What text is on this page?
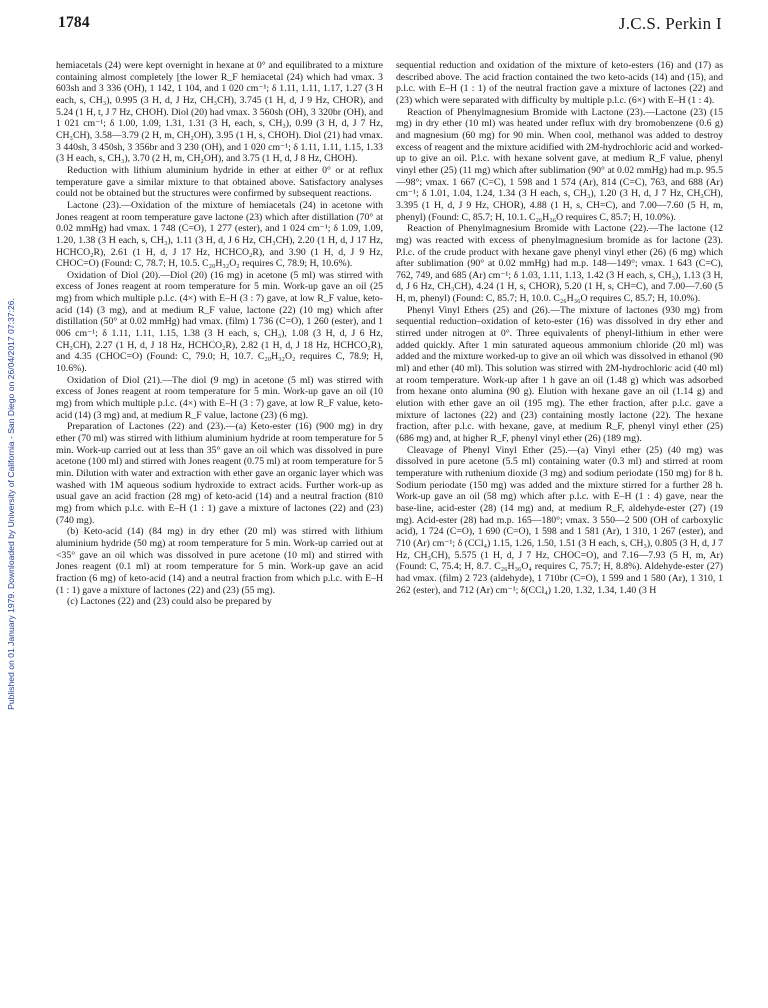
Published on 01 January 1979. Downloaded by University of California - San Diego on 26/04/2017 07:37:26.
1784	J.C.S. Perkin I

hemiacetals (24) were kept overnight in hexane at 0° and equilibrated to a mixture containing almost completely [the lower R_F hemiacetal (24) which had νmax. 3 603sh and 3 336 (OH), 1 142, 1 104, and 1 020 cm⁻¹; δ 1.11, 1.11, 1.17, 1.27 (3 H each, s, CH₃), 0.995 (3 H, d, J Hz, CH₃CH), 3.745 (1 H, d, J 9 Hz, CHOR), and 5.24 (1 H, t, J 7 Hz, CHOH). Diol (20) had νmax. 3 560sh (OH), 3 320br (OH), and 1 021 cm⁻¹; δ 1.00, 1.09, 1.31, 1.31 (3 H, each, s, CH₃), 0.99 (3 H, d, J 7 Hz, CH₃CH), 3.58—3.79 (2 H, m, CH₂OH), 3.95 (1 H, s, CHOH). Diol (21) had νmax. 3 440sh, 3 450sh, 3 356br and 3 230 (OH), and 1 020 cm⁻¹; δ 1.11, 1.11, 1.15, 1.33 (3 H each, s, CH₃), 3.70 (2 H, m, CH₂OH), and 3.75 (1 H, d, J 8 Hz, CHOH).

Reduction with lithium aluminium hydride in ether at either 0° or at reflux temperature gave a similar mixture to that obtained above. Satisfactory analyses could not be obtained but the structures were confirmed by subsequent reactions.

Lactone (23).—Oxidation of the mixture of hemiacetals (24) in acetone with Jones reagent at room temperature gave lactone (23) which after distillation (70° at 0.02 mmHg) had νmax. 1 748 (C=O), 1 277 (ester), and 1 024 cm⁻¹; δ 1.09, 1.09, 1.20, 1.38 (3 H each, s, CH₃), 1.11 (3 H, d, J 6 Hz, CH₃CH), 2.20 (1 H, d, J 17 Hz, HCHCO₂R), 2.61 (1 H, d, J 17 Hz, HCHCO₂R), and 3.90 (1 H, d, J 9 Hz, CHOC=O) (Found: C, 78.7; H, 10.5. C₂₀H₃₂O₂ requires C, 78.9; H, 10.6%).

Oxidation of Diol (20).—Diol (20) (16 mg) in acetone (5 ml) was stirred with excess of Jones reagent at room temperature for 5 min. Work-up gave an oil (25 mg) from which multiple p.l.c. (4×) with E–H (3 : 7) gave, at low R_F value, keto-acid (14) (3 mg), and at medium R_F value, lactone (22) (10 mg) which after distillation (50° at 0.02 mmHg) had νmax. (film) 1 736 (C=O), 1 260 (ester), and 1 006 cm⁻¹; δ 1.11, 1.11, 1.15, 1.38 (3 H each, s, CH₃), 1.08 (3 H, d, J 6 Hz, CH₃CH), 2.27 (1 H, d, J 18 Hz, HCHCO₂R), 2.82 (1 H, d, J 18 Hz, HCHCO₂R), and 4.35 (CHOC=O) (Found: C, 79.0; H, 10.7. C₂₀H₃₂O₂ requires C, 78.9; H, 10.6%).

Oxidation of Diol (21).—The diol (9 mg) in acetone (5 ml) was stirred with excess of Jones reagent at room temperature for 5 min. Work-up gave an oil (10 mg) from which multiple p.l.c. (4×) with E–H (3 : 7) gave, at low R_F value, keto-acid (14) (3 mg) and, at medium R_F value, lactone (23) (6 mg).

Preparation of Lactones (22) and (23).—(a) Keto-ester (16) (900 mg) in dry ether (70 ml) was stirred with lithium aluminium hydride at room temperature for 5 min. Work-up carried out at less than 35° gave an oil which was dissolved in pure acetone (100 ml) and stirred with Jones reagent (0.75 ml) at room temperature for 5 min. Dilution with water and extraction with ether gave an organic layer which was washed with 1M aqueous sodium hydroxide to extract acids. Further work-up as usual gave an acid fraction (28 mg) of keto-acid (14) and a neutral fraction (810 mg) from which p.l.c. with E–H (1 : 1) gave a mixture of lactones (22) and (23) (740 mg).

(b) Keto-acid (14) (84 mg) in dry ether (20 ml) was stirred with lithium aluminium hydride (50 mg) at room temperature for 5 min. Work-up carried out at <35° gave an oil which was dissolved in pure acetone (10 ml) and stirred with Jones reagent (0.1 ml) at room temperature for 5 min. Work-up gave an acid fraction (6 mg) of keto-acid (14) and a neutral fraction from which p.l.c. with E–H (1 : 1) gave a mixture of lactones (22) and (23) (55 mg).

(c) Lactones (22) and (23) could also be prepared by

sequential reduction and oxidation of the mixture of keto-esters (16) and (17) as described above. The acid fraction contained the two keto-acids (14) and (15), and p.l.c. with E–H (1 : 1) of the neutral fraction gave a mixture of lactones (22) and (23) which were separated with difficulty by multiple p.l.c. (6×) with E–H (1 : 4).

Reaction of Phenylmagnesium Bromide with Lactone (23).—Lactone (23) (15 mg) in dry ether (10 ml) was heated under reflux with dry bromobenzene (0.6 g) and magnesium (60 mg) for 90 min. When cool, methanol was added to destroy excess of reagent and the mixture acidified with 2M-hydrochloric acid and worked-up to give an oil. P.l.c. with hexane solvent gave, at medium R_F value, phenyl vinyl ether (25) (11 mg) which after sublimation (90° at 0.02 mmHg) had m.p. 95.5—98°; νmax. 1 667 (C=C), 1 598 and 1 574 (Ar), 814 (C=C), 763, and 688 (Ar) cm⁻¹; δ 1.01, 1.04, 1.24, 1.34 (3 H each, s, CH₃), 1.20 (3 H, d, J 7 Hz, CH₃CH), 3.395 (1 H, d, J 9 Hz, CHOR), 4.88 (1 H, s, CH=C), and 7.00—7.60 (5 H, m, phenyl) (Found: C, 85.7; H, 10.1. C₂₆H₃₆O requires C, 85.7; H, 10.0%).

Reaction of Phenylmagnesium Bromide with Lactone (22).—The lactone (12 mg) was reacted with excess of phenylmagnesium bromide as for lactone (23). P.l.c. of the crude product with hexane gave phenyl vinyl ether (26) (6 mg) which after sublimation (90° at 0.02 mmHg) had m.p. 148—149°; νmax. 1 643 (C=C), 762, 749, and 685 (Ar) cm⁻¹; δ 1.03, 1.11, 1.13, 1.42 (3 H each, s, CH₃), 1.13 (3 H, d, J 6 Hz, CH₃CH), 4.24 (1 H, s, CHOR), 5.20 (1 H, s, CH=C), and 7.00—7.60 (5 H, m, phenyl) (Found: C, 85.7; H, 10.0. C₂₆H₃₆O requires C, 85.7; H, 10.0%).

Phenyl Vinyl Ethers (25) and (26).—The mixture of lactones (930 mg) from sequential reduction–oxidation of keto-ester (16) was dissolved in dry ether and stirred under nitrogen at 0°. Three equivalents of phenyl-lithium in ether were added quickly. After 1 min saturated aqueous ammonium chloride (20 ml) was added and the mixture worked-up to give an oil which was dissolved in ethanol (90 ml) and ether (40 ml). This solution was stirred with 2M-hydrochloric acid (40 ml) at room temperature. Work-up after 1 h gave an oil (1.48 g) which was adsorbed from hexane onto alumina (90 g). Elution with hexane gave an oil (1.14 g) and elution with ether gave an oil (195 mg). The ether fraction, after p.l.c. gave a mixture of lactones (22) and (23) containing mostly lactone (22). The hexane fraction, after p.l.c. with hexane, gave, at medium R_F, phenyl vinyl ether (25) (686 mg) and, at higher R_F, phenyl vinyl ether (26) (189 mg).

Cleavage of Phenyl Vinyl Ether (25).—(a) Vinyl ether (25) (40 mg) was dissolved in pure acetone (5.5 ml) containing water (0.3 ml) and stirred at room temperature with ruthenium dioxide (3 mg) and sodium periodate (150 mg) for 8 h. Sodium periodate (150 mg) was added and the mixture stirred for a further 28 h. Work-up gave an oil (58 mg) which after p.l.c. with E–H (1 : 4) gave, near the base-line, acid-ester (28) (14 mg) and, at medium R_F, aldehyde-ester (27) (19 mg). Acid-ester (28) had m.p. 165—180°; νmax. 3 550—2 500 (OH of carboxylic acid), 1 724 (C=O), 1 690 (C=O), 1 598 and 1 581 (Ar), 1 310, 1 267 (ester), and 710 (Ar) cm⁻¹; δ (CCl₄) 1.15, 1.26, 1.50, 1.51 (3 H each, s, CH₃), 0.805 (3 H, d, J 7 Hz, CH₃CH), 5.575 (1 H, d, J 7 Hz, CHOC=O), and 7.16—7.93 (5 H, m, Ar) (Found: C, 75.4; H, 8.7. C₂₆H₃₆O₄ requires C, 75.7; H, 8.8%). Aldehyde-ester (27) had νmax. (film) 2 723 (aldehyde), 1 710br (C=O), 1 599 and 1 580 (Ar), 1 310, 1 262 (ester), and 712 (Ar) cm⁻¹; δ(CCl₄) 1.20, 1.32, 1.34, 1.40 (3 H
